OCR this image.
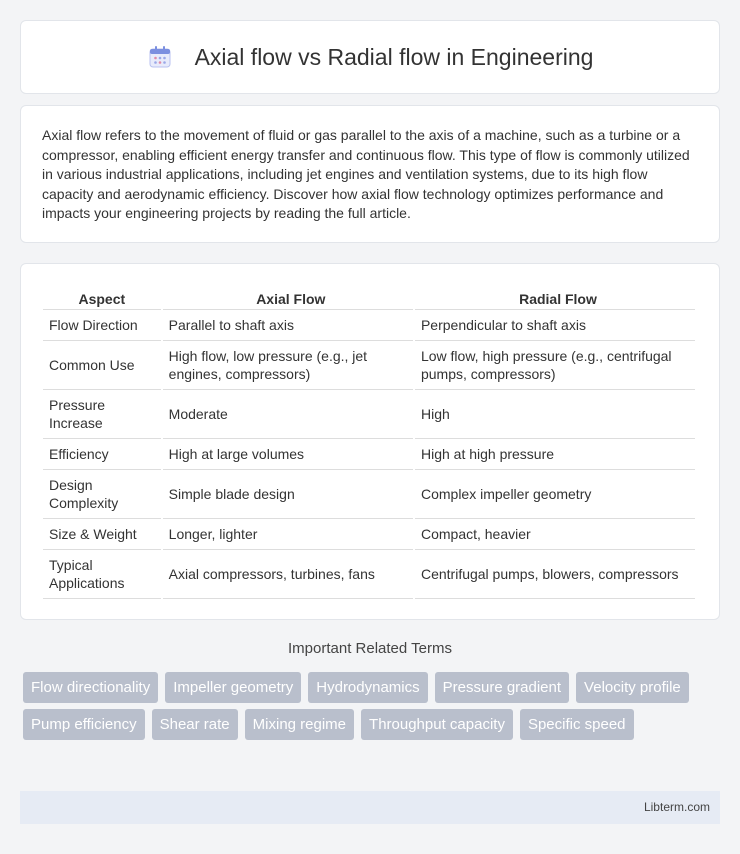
Axial flow vs Radial flow in Engineering

Axial flow refers to the movement of fluid or gas parallel to the axis of a machine, such as a turbine or a compressor, enabling efficient energy transfer and continuous flow. This type of flow is commonly utilized in various industrial applications, including jet engines and ventilation systems, due to its high flow capacity and aerodynamic efficiency. Discover how axial flow technology optimizes performance and impacts your engineering projects by reading the full article.

Aspect	Axial Flow	Radial Flow
Flow Direction	Parallel to shaft axis	Perpendicular to shaft axis
Common Use	High flow, low pressure (e.g., jet engines, compressors)	Low flow, high pressure (e.g., centrifugal pumps, compressors)
Pressure Increase	Moderate	High
Efficiency	High at large volumes	High at high pressure
Design Complexity	Simple blade design	Complex impeller geometry
Size & Weight	Longer, lighter	Compact, heavier
Typical Applications	Axial compressors, turbines, fans	Centrifugal pumps, blowers, compressors
Important Related Terms
Flow directionality	Impeller geometry	Hydrodynamics	Pressure gradient	Velocity profile
Pump efficiency	Shear rate	Mixing regime	Throughput capacity	Specific speed
Libterm.com
